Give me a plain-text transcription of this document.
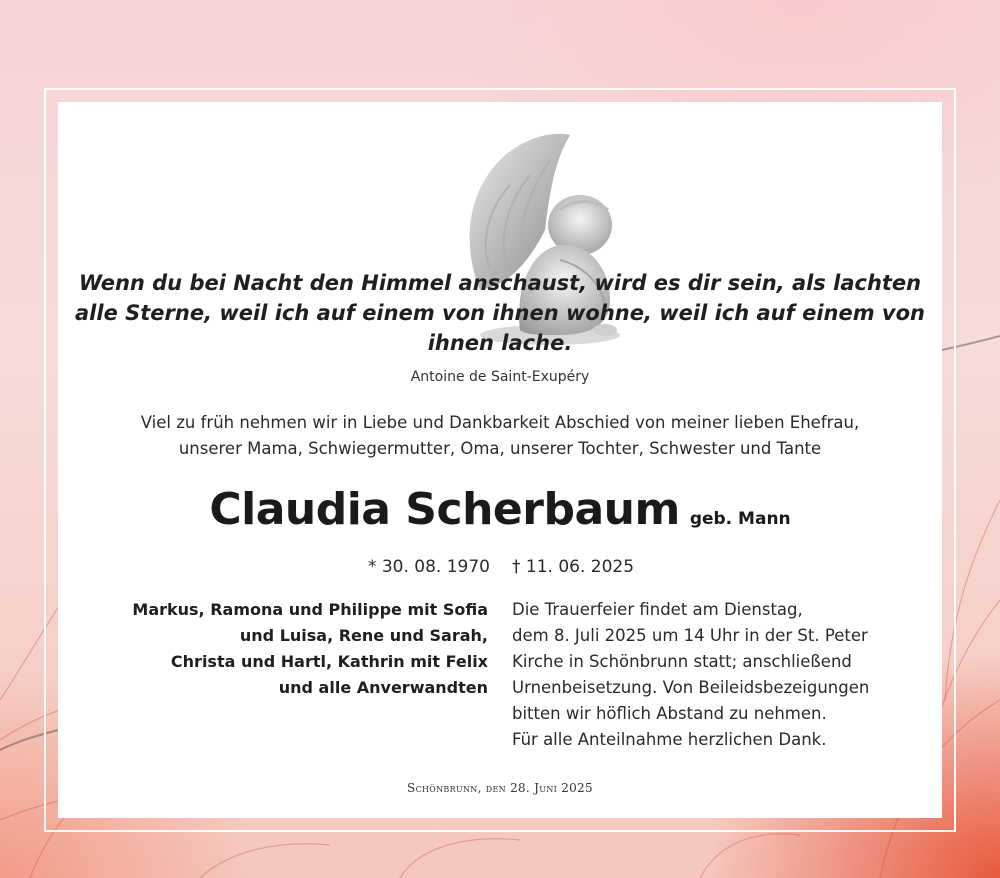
Wenn du bei Nacht den Himmel anschaust, wird es dir sein, als lachten
alle Sterne, weil ich auf einem von ihnen wohne, weil ich auf einem von
ihnen lache.
Antoine de Saint-Exupéry
Viel zu früh nehmen wir in Liebe und Dankbarkeit Abschied von meiner lieben Ehefrau,
unserer Mama, Schwiegermutter, Oma, unserer Tochter, Schwester und Tante
Claudia Scherbaum geb. Mann
* 30. 08. 1970 † 11. 06. 2025
Markus, Ramona und Philippe mit Sofia
und Luisa, Rene und Sarah,
Christa und Hartl, Kathrin mit Felix
und alle Anverwandten
Die Trauerfeier findet am Dienstag,
dem 8. Juli 2025 um 14 Uhr in der St. Peter
Kirche in Schönbrunn statt; anschließend
Urnenbeisetzung. Von Beileidsbezeigungen
bitten wir höflich Abstand zu nehmen.
Für alle Anteilnahme herzlichen Dank.
Schönbrunn, den 28. Juni 2025
